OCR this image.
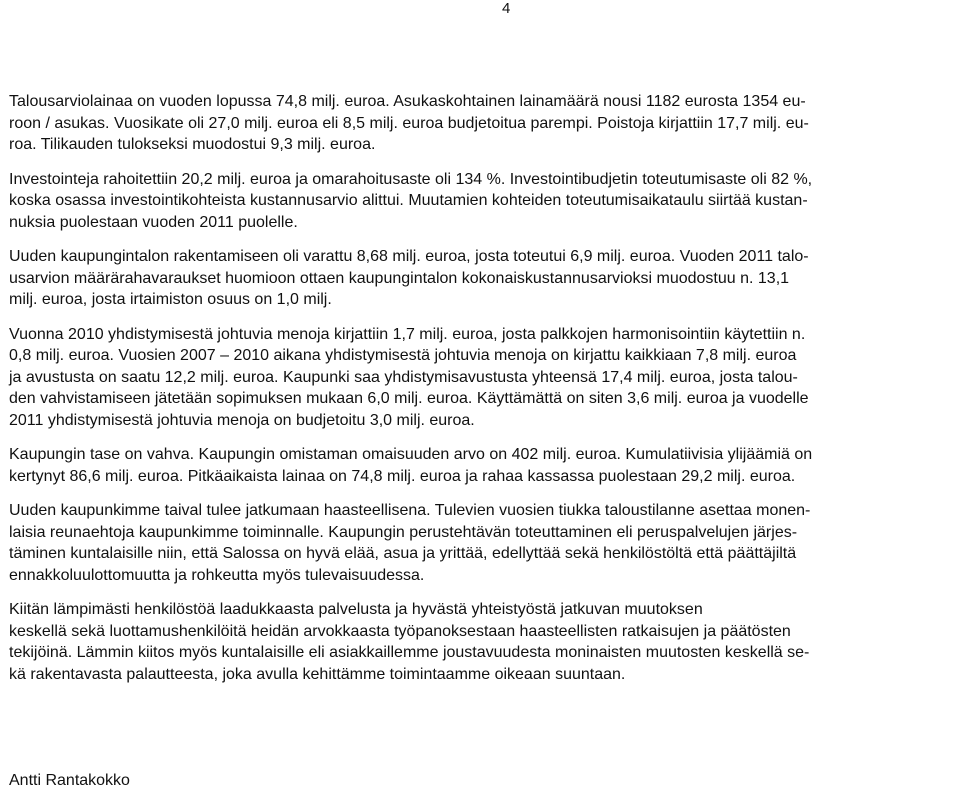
4

Talousarviolainaa on vuoden lopussa 74,8 milj. euroa. Asukaskohtainen lainamäärä nousi 1182 eurosta 1354 eu-
roon / asukas. Vuosikate oli 27,0 milj. euroa eli 8,5 milj. euroa budjetoitua parempi. Poistoja kirjattiin 17,7 milj. eu-
roa. Tilikauden tulokseksi muodostui 9,3 milj. euroa.

Investointeja rahoitettiin 20,2 milj. euroa ja omarahoitusaste oli 134 %. Investointibudjetin toteutumisaste oli 82 %,
koska osassa investointikohteista kustannusarvio alittui. Muutamien kohteiden toteutumisaikataulu siirtää kustan-
nuksia puolestaan vuoden 2011 puolelle.

Uuden kaupungintalon rakentamiseen oli varattu 8,68 milj. euroa, josta toteutui 6,9 milj. euroa. Vuoden 2011 talo-
usarvion määrärahavaraukset huomioon ottaen kaupungintalon kokonaiskustannusarvioksi muodostuu n. 13,1
milj. euroa, josta irtaimiston osuus on 1,0 milj.

Vuonna 2010 yhdistymisestä johtuvia menoja kirjattiin 1,7 milj. euroa, josta palkkojen harmonisointiin käytettiin n.
0,8 milj. euroa. Vuosien 2007 – 2010 aikana yhdistymisestä johtuvia menoja on kirjattu kaikkiaan 7,8 milj. euroa
ja avustusta on saatu 12,2 milj. euroa. Kaupunki saa yhdistymisavustusta yhteensä 17,4 milj. euroa, josta talou-
den vahvistamiseen jätetään sopimuksen mukaan 6,0 milj. euroa. Käyttämättä on siten 3,6 milj. euroa ja vuodelle
2011 yhdistymisestä johtuvia menoja on budjetoitu 3,0 milj. euroa.

Kaupungin tase on vahva. Kaupungin omistaman omaisuuden arvo on 402 milj. euroa. Kumulatiivisia ylijäämiä on
kertynyt 86,6 milj. euroa. Pitkäaikaista lainaa on 74,8 milj. euroa ja rahaa kassassa puolestaan 29,2 milj. euroa.

Uuden kaupunkimme taival tulee jatkumaan haasteellisena. Tulevien vuosien tiukka taloustilanne asettaa monen-
laisia reunaehtoja kaupunkimme toiminnalle. Kaupungin perustehtävän toteuttaminen eli peruspalvelujen järjes-
täminen kuntalaisille niin, että Salossa on hyvä elää, asua ja yrittää, edellyttää sekä henkilöstöltä että päättäjiltä
ennakkoluulottomuutta ja rohkeutta myös tulevaisuudessa.

Kiitän lämpimästi henkilöstöä laadukkaasta palvelusta ja hyvästä yhteistyöstä jatkuvan muutoksen
keskellä sekä luottamushenkilöitä heidän arvokkaasta työpanoksestaan haasteellisten ratkaisujen ja päätösten
tekijöinä. Lämmin kiitos myös kuntalaisille eli asiakkaillemme joustavuudesta moninaisten muutosten keskellä se-
kä rakentavasta palautteesta, joka avulla kehittämme toimintaamme oikeaan suuntaan.

Antti Rantakokko
